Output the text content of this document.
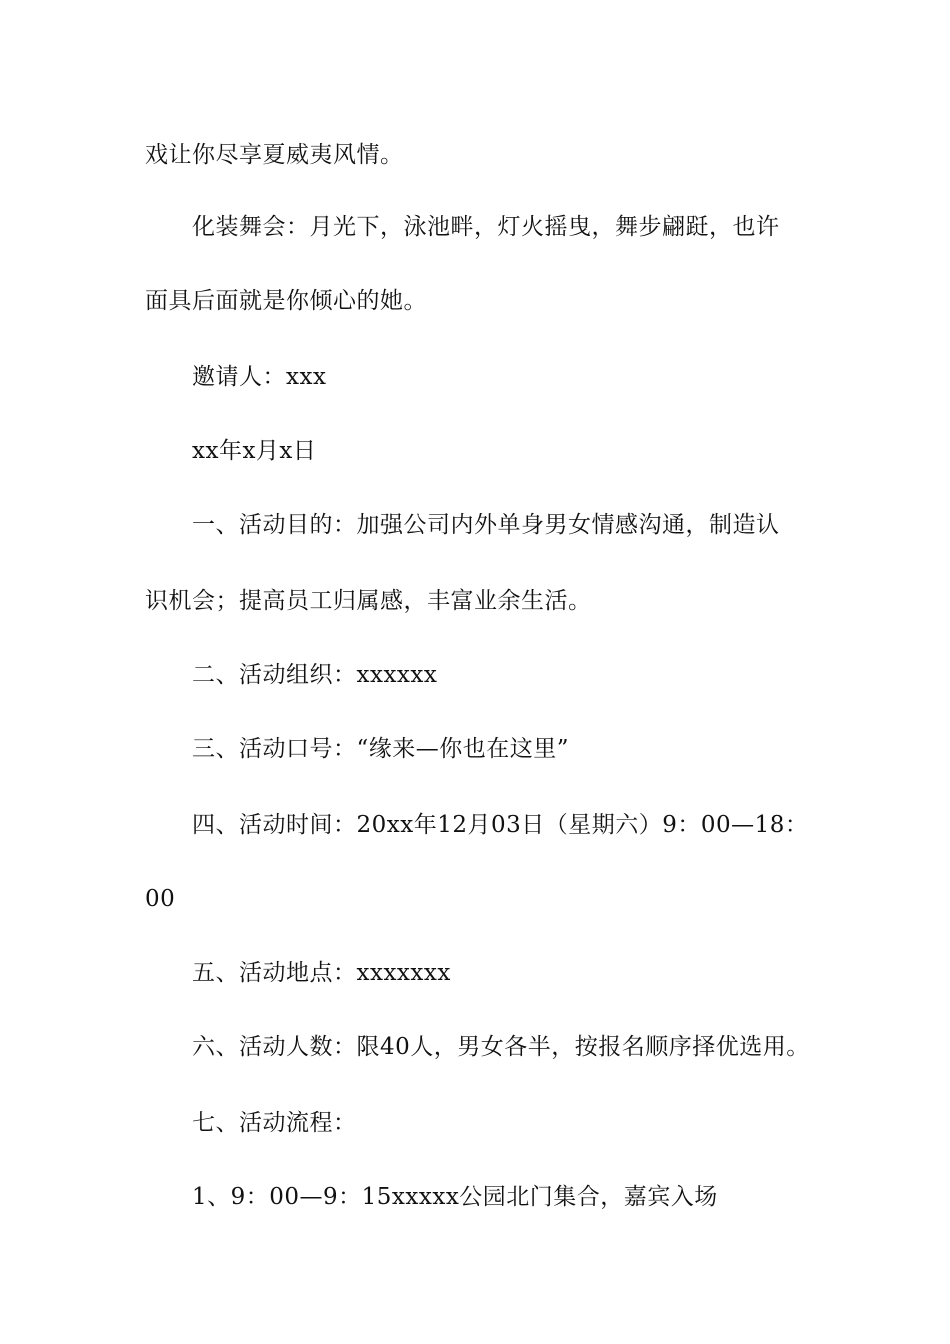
戏让你尽享夏威夷风情。
化装舞会：月光下，泳池畔，灯火摇曳，舞步翩跹，也许
面具后面就是你倾心的她。
邀请人：xxx
xx年x月x日
一、活动目的：加强公司内外单身男女情感沟通，制造认
识机会；提高员工归属感，丰富业余生活。
二、活动组织：xxxxxx
三、活动口号：“缘来—你也在这里”
四、活动时间：20xx年12月03日（星期六）9：00—18：
00
五、活动地点：xxxxxxx
六、活动人数：限40人，男女各半，按报名顺序择优选用。
七、活动流程：
1、9：00—9：15xxxxx公园北门集合，嘉宾入场
